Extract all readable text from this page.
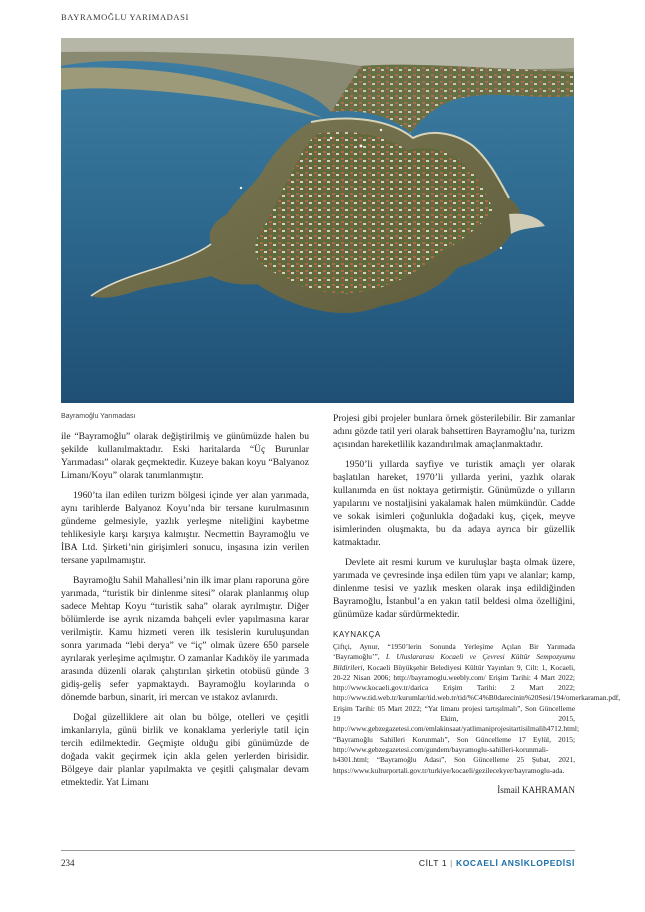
BAYRAMOĞLU YARIMADASI
Bayramoğlu Yarımadası

ile “Bayramoğlu” olarak değiştirilmiş ve günümüzde halen bu şekilde kullanılmaktadır. Eski haritalarda “Üç Burunlar Yarımadası” olarak geçmektedir. Kuzeye bakan koyu “Balyanoz Limanı/Koyu” olarak tanımlanmıştır.

1960’ta ilan edilen turizm bölgesi içinde yer alan yarımada, aynı tarihlerde Balyanoz Koyu’nda bir tersane kurulmasının gündeme gelmesiyle, yazlık yerleşme niteliğini kaybetme tehlikesiyle karşı karşıya kalmıştır. Necmettin Bayramoğlu ve İBA Ltd. Şirketi’nin girişimleri sonucu, inşasına izin verilen tersane yapılmamıştır.

Bayramoğlu Sahil Mahallesi’nin ilk imar planı raporuna göre yarımada, “turistik bir dinlenme sitesi” olarak planlanmış olup sadece Mehtap Koyu “turistik saha” olarak ayrılmıştır. Diğer bölümlerde ise ayrık nizamda bahçeli evler yapılmasına karar verilmiştir. Kamu hizmeti veren ilk tesislerin kuruluşundan sonra yarımada “lebi derya” ve “iç” olmak üzere 650 parsele ayrılarak yerleşime açılmıştır. O zamanlar Kadıköy ile yarımada arasında düzenli olarak çalıştırılan şirketin otobüsü günde 3 gidiş-geliş sefer yapmaktaydı. Bayramoğlu koylarında o dönemde barbun, sinarit, iri mercan ve ıstakoz avlanırdı.

Doğal güzelliklere ait olan bu bölge, otelleri ve çeşitli imkanlarıyla, günü birlik ve konaklama yerleriyle tatil için tercih edilmektedir. Geçmişte olduğu gibi günümüzde de doğada vakit geçirmek için akla gelen yerlerden birisidir. Bölgeye dair planlar yapılmakta ve çeşitli çalışmalar devam etmektedir. Yat Limanı

Projesi gibi projeler bunlara örnek gösterilebilir. Bir zamanlar adını gözde tatil yeri olarak bahsettiren Bayramoğlu’na, turizm açısından hareketlilik kazandırılmak amaçlanmaktadır.

1950’li yıllarda sayfiye ve turistik amaçlı yer olarak başlatılan hareket, 1970’li yıllarda yerini, yazlık olarak kullanımda en üst noktaya getirmiştir. Günümüzde o yılların yapılarını ve nostaljisini yakalamak halen mümkündür. Cadde ve sokak isimleri çoğunlukla doğadaki kuş, çiçek, meyve isimlerinden oluşmakta, bu da adaya ayrıca bir güzellik katmaktadır.

Devlete ait resmi kurum ve kuruluşlar başta olmak üzere, yarımada ve çevresinde inşa edilen tüm yapı ve alanlar; kamp, dinlenme tesisi ve yazlık mesken olarak inşa edildiğinden Bayramoğlu, İstanbul’a en yakın tatil beldesi olma özelliğini, günümüze kadar sürdürmektedir.

KAYNAKÇA
Çiftçi, Aynur, “1950’lerin Sonunda Yerleşime Açılan Bir Yarımada ‘Bayramoğlu’”, I. Uluslararası Kocaeli ve Çevresi Kültür Sempozyumu Bildirileri, Kocaeli Büyükşehir Belediyesi Kültür Yayınları 9, Cilt: 1, Kocaeli, 20-22 Nisan 2006; http://bayramoglu.weebly.com/ Erişim Tarihi: 4 Mart 2022; http://www.kocaeli.gov.tr/darica Erişim Tarihi: 2 Mart 2022; http://www.tid.web.tr/kurumlar/tid.web.tr/tid/%C4%B0darecinin%20Sesi/194/omerkaraman.pdf, Erişim Tarihi: 05 Mart 2022; “Yat limanı projesi tartışılmalı”, Son Güncelleme 19 Ekim, 2015, http://www.gebzegazetesi.com/emlakinsaat/yatlimaniprojesitartisilmalih4712.html; “Bayramoğlu Sahilleri Korunmalı”, Son Güncelleme 17 Eylül, 2015; http://www.gebzegazetesi.com/gundem/bayramoglu-sahilleri-korunmali-h4301.html; “Bayramoğlu Adası”, Son Güncelleme 25 Şubat, 2021, https://www.kulturportali.gov.tr/turkiye/kocaeli/gezilecekyer/bayramoglu-ada.
İsmail KAHRAMAN
234	CİLT 1 | KOCAELİ ANSİKLOPEDİSİ
